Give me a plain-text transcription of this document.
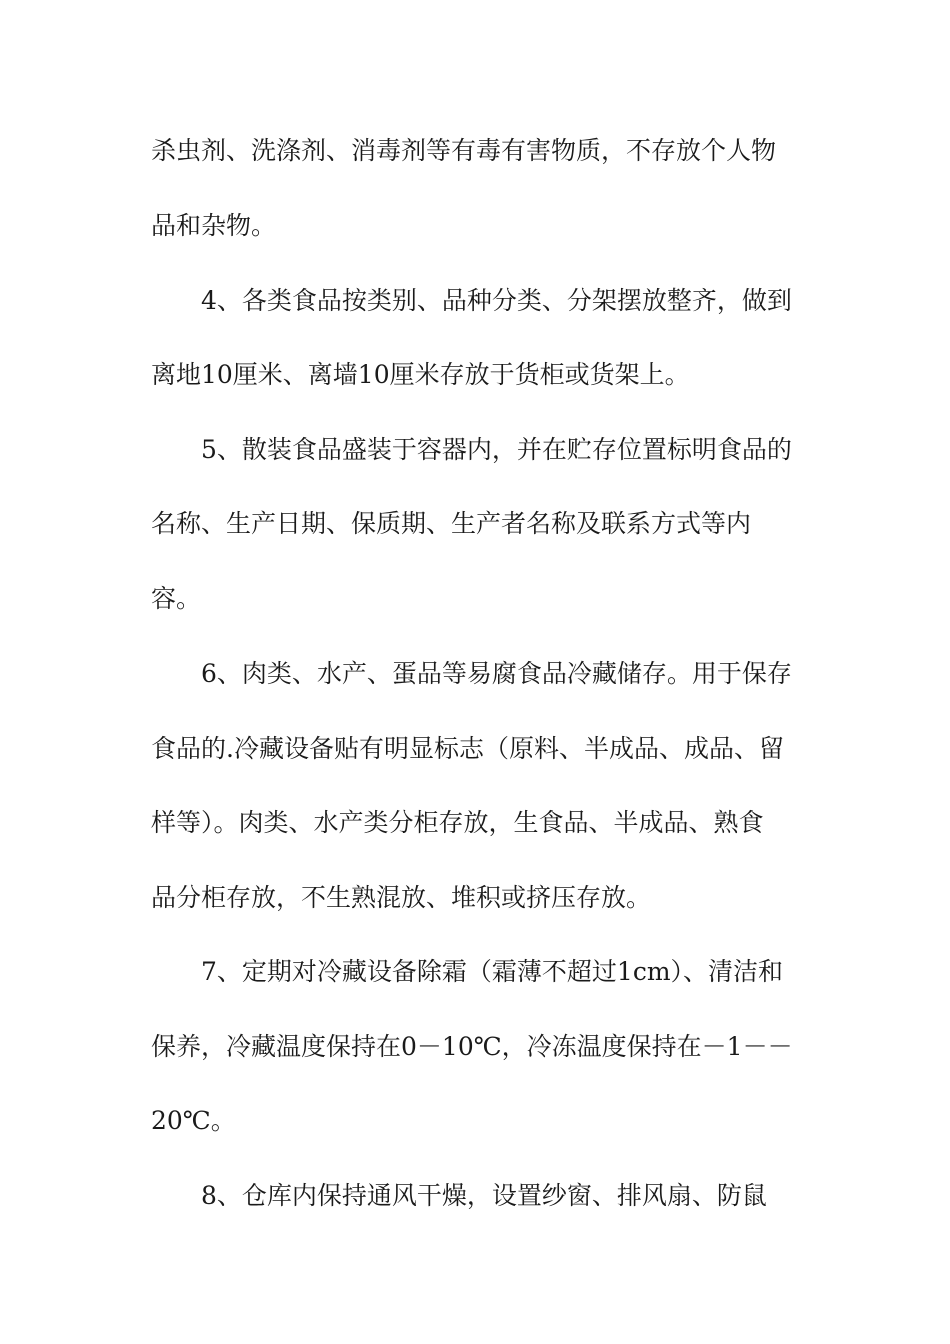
杀虫剂、洗涤剂、消毒剂等有毒有害物质，不存放个人物

品和杂物。

4、各类食品按类别、品种分类、分架摆放整齐，做到

离地10厘米、离墙10厘米存放于货柜或货架上。

5、散装食品盛装于容器内，并在贮存位置标明食品的

名称、生产日期、保质期、生产者名称及联系方式等内

容。

6、肉类、水产、蛋品等易腐食品冷藏储存。用于保存

食品的.冷藏设备贴有明显标志（原料、半成品、成品、留

样等）。肉类、水产类分柜存放，生食品、半成品、熟食

品分柜存放，不生熟混放、堆积或挤压存放。

7、定期对冷藏设备除霜（霜薄不超过1cm）、清洁和

保养，冷藏温度保持在0－10℃，冷冻温度保持在－1－－

20℃。

8、仓库内保持通风干燥，设置纱窗、排风扇、防鼠
